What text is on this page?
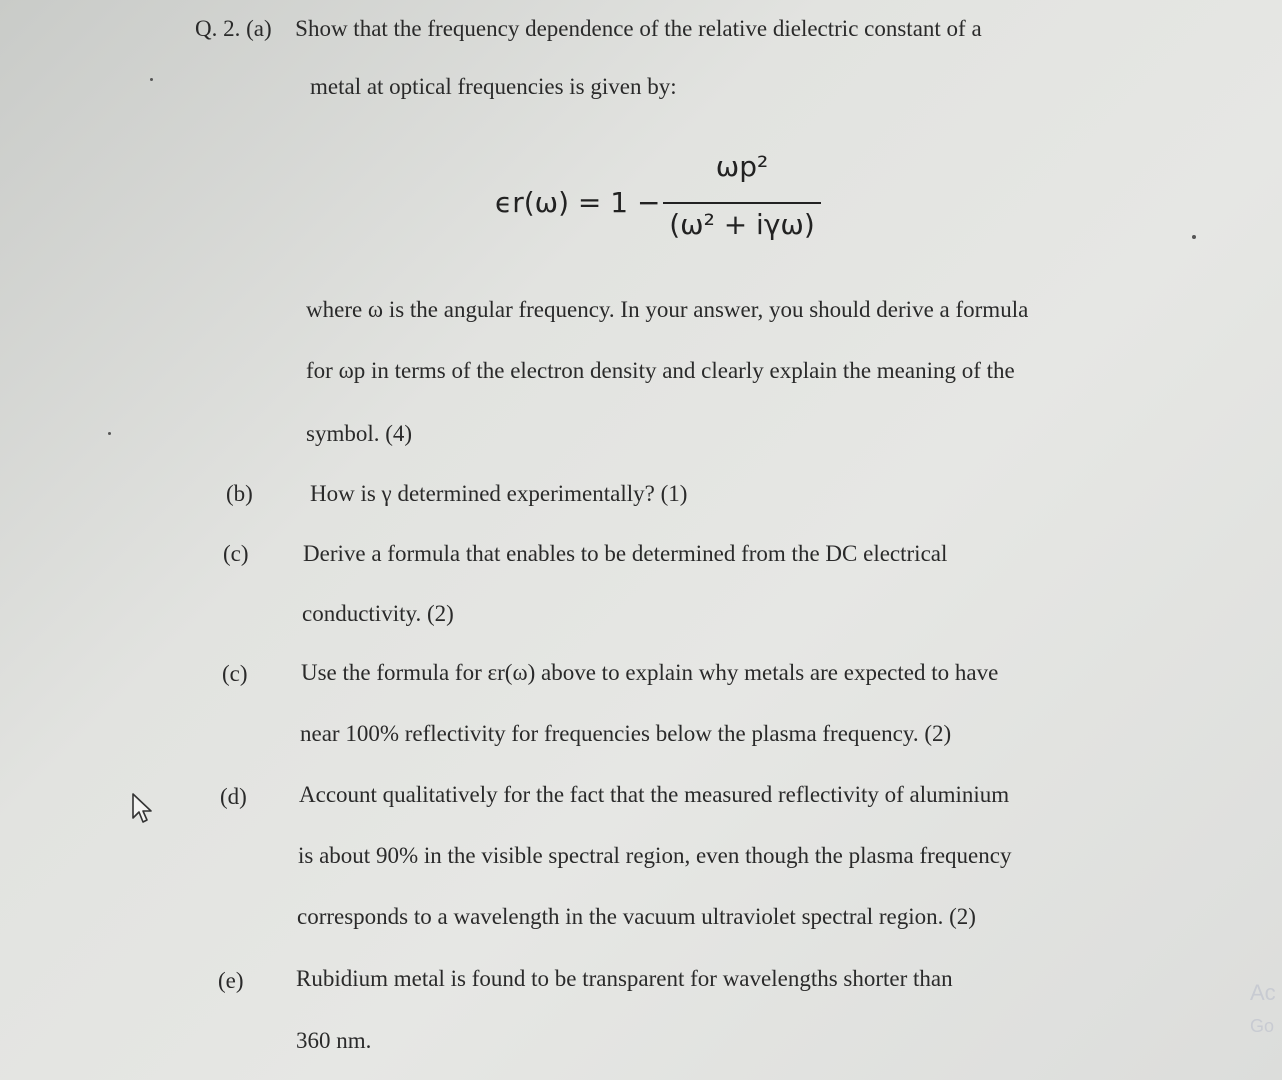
Q. 2. (a) Show that the frequency dependence of the relative dielectric constant of a
metal at optical frequencies is given by:
ϵr(ω) = 1 −
ωp²
(ω² + iγω)
where ω is the angular frequency. In your answer, you should derive a formula
for ωp in terms of the electron density and clearly explain the meaning of the
symbol. (4)
(b) How is γ determined experimentally? (1)
(c) Derive a formula that enables to be determined from the DC electrical
conductivity. (2)
(c) Use the formula for εr(ω) above to explain why metals are expected to have
near 100% reflectivity for frequencies below the plasma frequency. (2)
(d) Account qualitatively for the fact that the measured reflectivity of aluminium
is about 90% in the visible spectral region, even though the plasma frequency
corresponds to a wavelength in the vacuum ultraviolet spectral region. (2)
(e) Rubidium metal is found to be transparent for wavelengths shorter than
360 nm.
Ac
Go
